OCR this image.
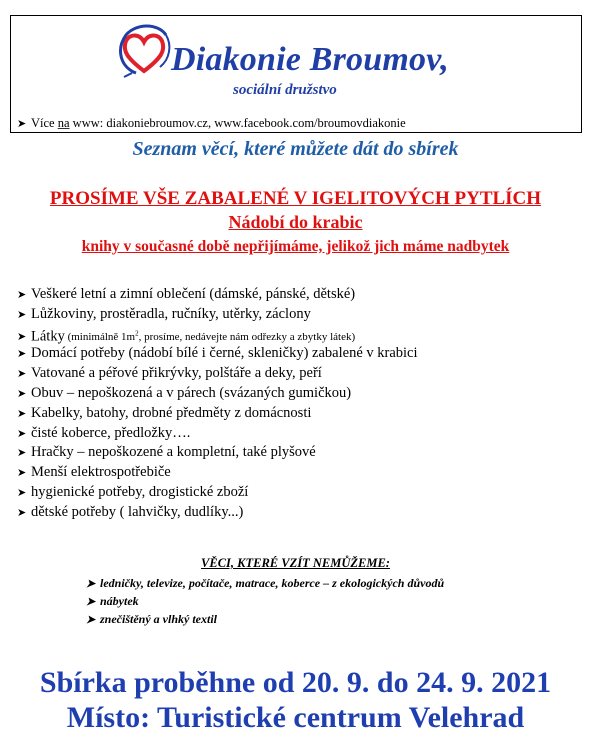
Diakonie Broumov,
sociální družstvo
➤ Více na www: diakoniebroumov.cz, www.facebook.com/broumovdiakonie
Seznam věcí, které můžete dát do sbírek
PROSÍME VŠE ZABALENÉ V IGELITOVÝCH PYTLÍCH
Nádobí do krabic
knihy v současné době nepřijímáme, jelikož jich máme nadbytek
➤ Veškeré letní a zimní oblečení (dámské, pánské, dětské)
➤ Lůžkoviny, prostěradla, ručníky, utěrky, záclony
➤ Látky (minimálně $1m^2$, prosíme, nedávejte nám odřezky a zbytky látek)
➤ Domácí potřeby (nádobí bílé i černé, skleničky) zabalené v krabici
➤ Vatované a péřové přikrývky, polštáře a deky, peří
➤ Obuv – nepoškozená a v párech (svázaných gumičkou)
➤ Kabelky, batohy, drobné předměty z domácnosti
➤ čisté koberce, předložky….
➤ Hračky – nepoškozené a kompletní, také plyšové
➤ Menší elektrospotřebiče
➤ hygienické potřeby, drogistické zboží
➤ dětské potřeby ( lahvičky, dudlíky...)
VĚCI, KTERÉ VZÍT NEMŮŽEME:
➤ ledničky, televize, počítače, matrace, koberce – z ekologických důvodů
➤ nábytek
➤ znečištěný a vlhký textil
Sbírka proběhne od 20. 9. do 24. 9. 2021
Místo: Turistické centrum Velehrad
